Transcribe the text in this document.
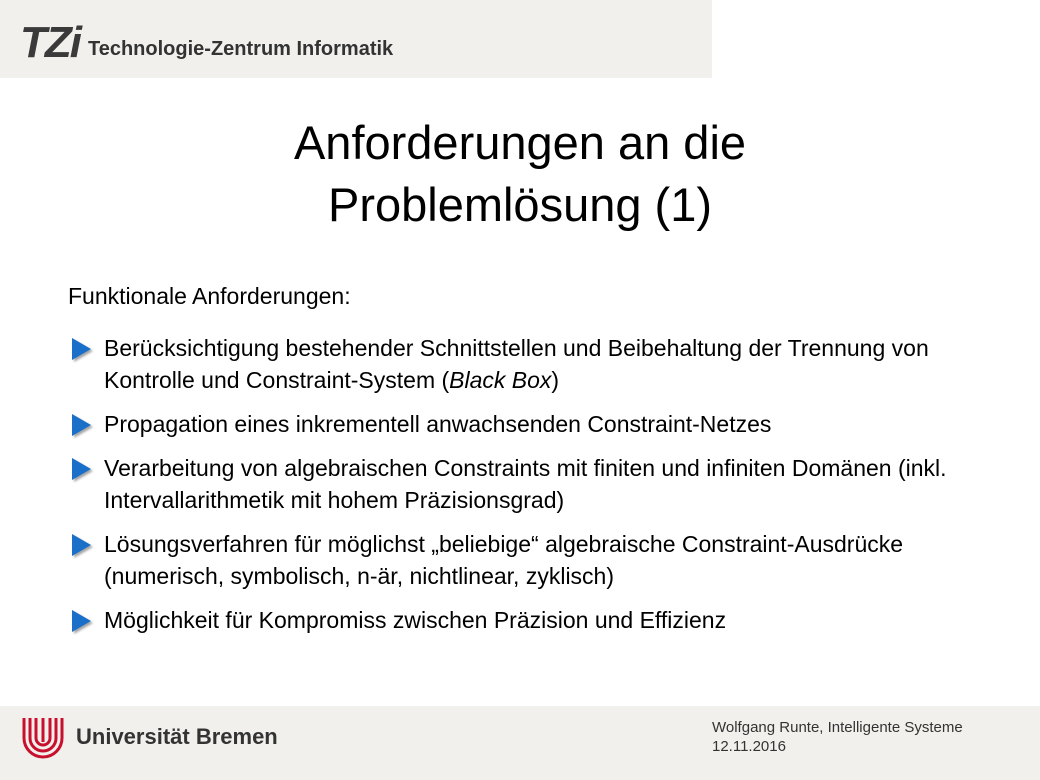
TZi Technologie-Zentrum Informatik
Anforderungen an die
Problemlösung (1)
Funktionale Anforderungen:
Berücksichtigung bestehender Schnittstellen und Beibehaltung der Trennung von Kontrolle und Constraint-System (Black Box)
Propagation eines inkrementell anwachsenden Constraint-Netzes
Verarbeitung von algebraischen Constraints mit finiten und infiniten Domänen (inkl. Intervallarithmetik mit hohem Präzisionsgrad)
Lösungsverfahren für möglichst „beliebige“ algebraische Constraint-Ausdrücke (numerisch, symbolisch, n-är, nichtlinear, zyklisch)
Möglichkeit für Kompromiss zwischen Präzision und Effizienz
Universität Bremen	Wolfgang Runte, Intelligente Systeme
12.11.2016
